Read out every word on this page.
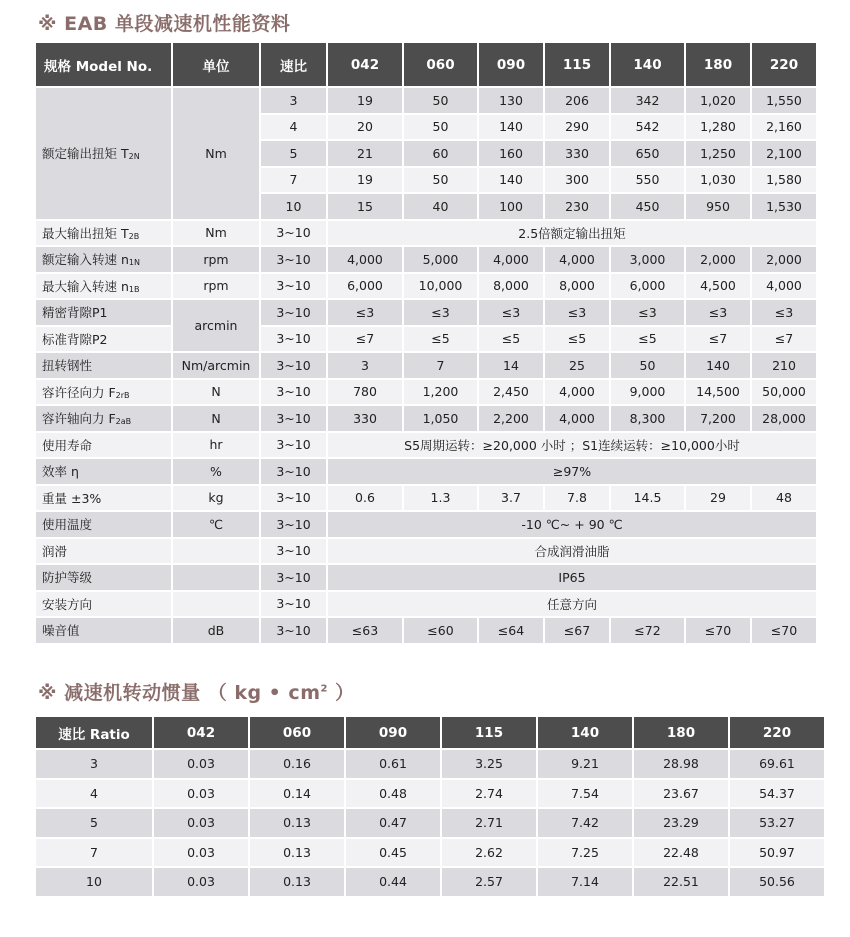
※ EAB 单段减速机性能资料
规格 Model No.	单位	速比	042	060	090	115	140	180	220
额定输出扭矩 $T_{2N}$	Nm	3	19	50	130	206	342	1,020	1,550
		4	20	50	140	290	542	1,280	2,160
		5	21	60	160	330	650	1,250	2,100
		7	19	50	140	300	550	1,030	1,580
		10	15	40	100	230	450	950	1,530
最大输出扭矩 $T_{2B}$	Nm	3~10	2.5倍额定输出扭矩						
额定输入转速 $n_{1N}$	rpm	3~10	4,000	5,000	4,000	4,000	3,000	2,000	2,000
最大输入转速 $n_{1B}$	rpm	3~10	6,000	10,000	8,000	8,000	6,000	4,500	4,000
精密背隙P1	arcmin	3~10	≤3	≤3	≤3	≤3	≤3	≤3	≤3
标准背隙P2		3~10	≤7	≤5	≤5	≤5	≤5	≤7	≤7
扭转钢性	Nm/arcmin	3~10	3	7	14	25	50	140	210
容许径向力 $F_{2rB}$	N	3~10	780	1,200	2,450	4,000	9,000	14,500	50,000
容许轴向力 $F_{2aB}$	N	3~10	330	1,050	2,200	4,000	8,300	7,200	28,000
使用寿命	hr	3~10	S5周期运转：≥20,000 小时 ；S1连续运转：≥10,000小时						
效率 η	%	3~10	≥97%						
重量 ±3%	kg	3~10	0.6	1.3	3.7	7.8	14.5	29	48
使用温度	℃	3~10	-10 ℃~ + 90 ℃						
润滑		3~10	合成润滑油脂						
防护等级		3~10	IP65						
安装方向		3~10	任意方向						
噪音值	dB	3~10	≤63	≤60	≤64	≤67	≤72	≤70	≤70
※ 减速机转动惯量 （ kg • $cm^2$ ）
速比 Ratio	042	060	090	115	140	180	220
3	0.03	0.16	0.61	3.25	9.21	28.98	69.61
4	0.03	0.14	0.48	2.74	7.54	23.67	54.37
5	0.03	0.13	0.47	2.71	7.42	23.29	53.27
7	0.03	0.13	0.45	2.62	7.25	22.48	50.97
10	0.03	0.13	0.44	2.57	7.14	22.51	50.56
